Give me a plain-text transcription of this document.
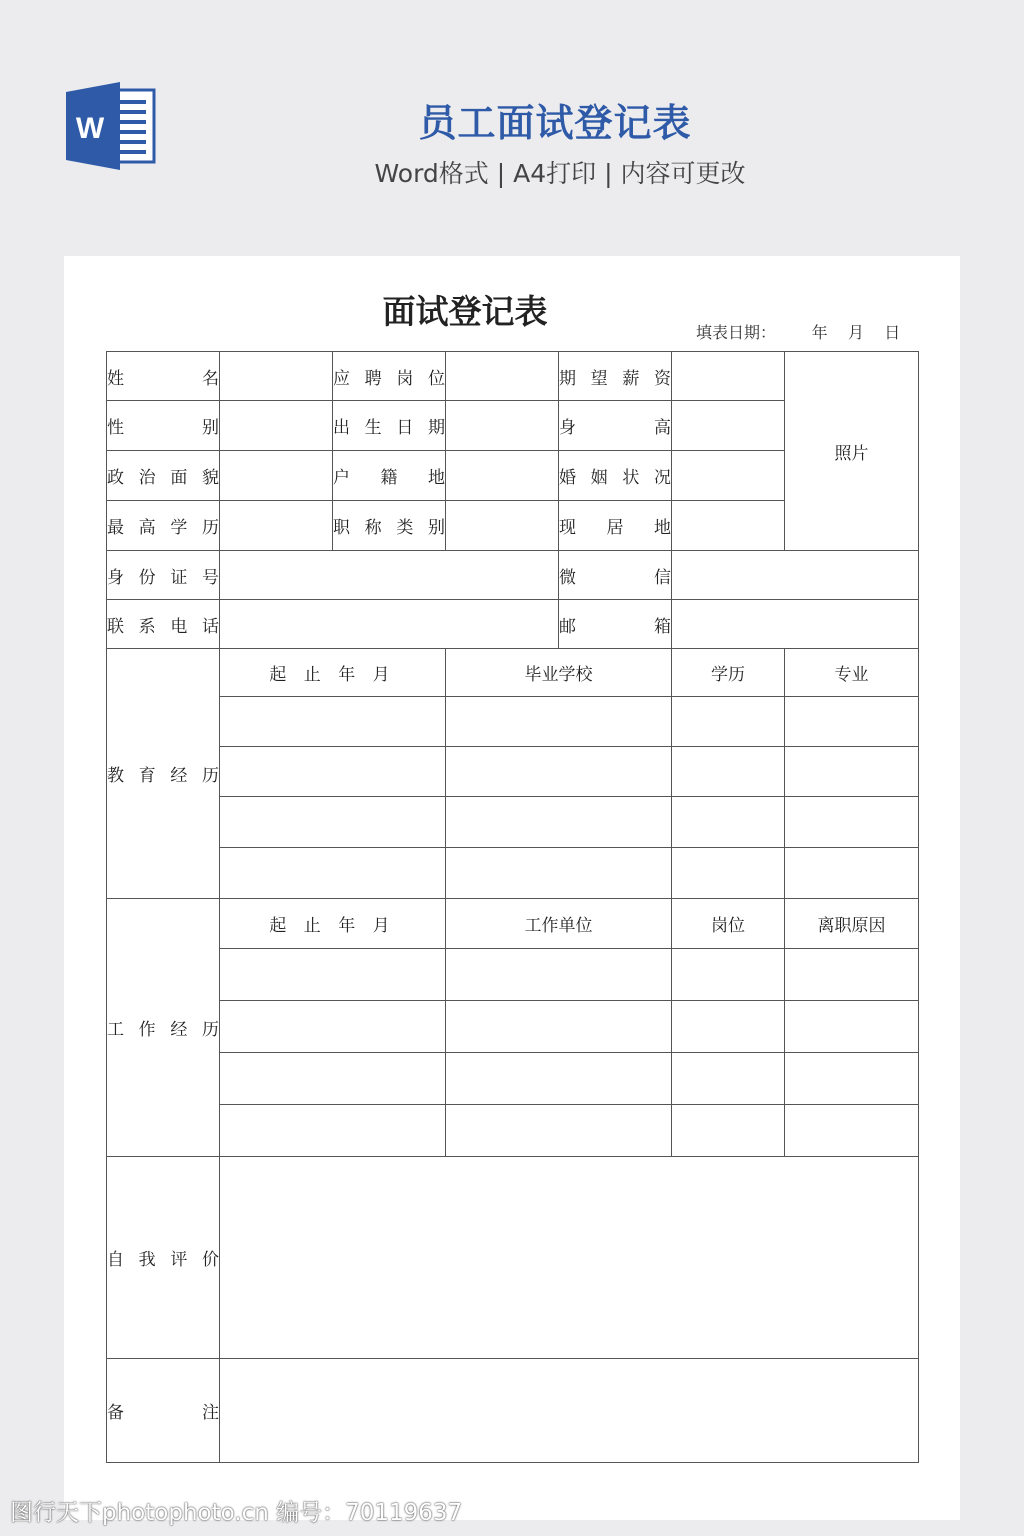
W	员工面试登记表
Word格式 | A4打印 | 内容可更改
面试登记表
填表日期：       年    月    日
姓名		应聘岗位		期望薪资		照片

性别		出生日期		身高		

政治面貌		户籍地		婚姻状况		

最高学历		职称类别		现居地		

身份证号				微信		

联系电话				邮箱		

教育经历	起 止 年 月		毕业学校		学历	专业

工作经历	起 止 年 月		工作单位		岗位	离职原因

自我评价						

备注						

图行天下photophoto.cn 编号：70119637
